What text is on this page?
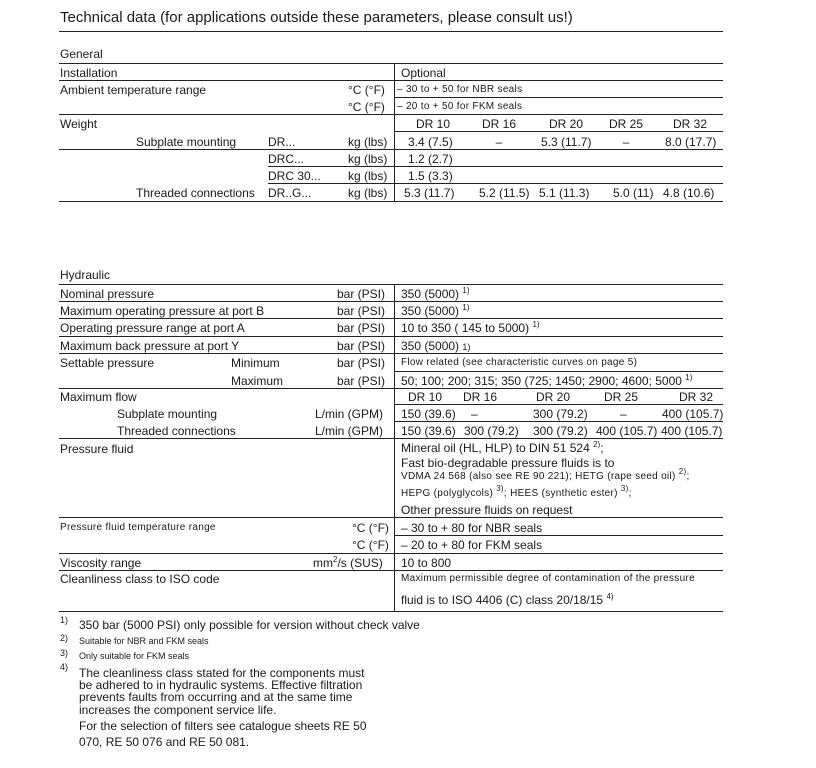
Technical data (for applications outside these parameters, please consult us!)
General
Installation	Optional
Ambient temperature range	°C (°F) – 30 to + 50 for NBR seals
°C (°F) – 20 to + 50 for FKM seals
Weight	DR 10	DR 16	DR 20	DR 25	DR 32
Subplate mounting	DR...	kg (lbs) 3.4 (7.5)	–	5.3 (11.7)	–	8.0 (17.7)
DRC...	kg (lbs) 1.2 (2.7)
DRC 30... kg (lbs) 1.5 (3.3)
Threaded connections DR..G...	kg (lbs) 5.3 (11.7) 5.2 (11.5) 5.1 (11.3) 5.0 (11) 4.8 (10.6)
Hydraulic
Nominal pressure	bar (PSI) 350 (5000) $^{1)}$
Maximum operating pressure at port B	bar (PSI) 350 (5000) $^{1)}$
Operating pressure range at port A	bar (PSI) 10 to 350 ( 145 to 5000) $^{1)}$
Maximum back pressure at port Y	bar (PSI) 350 (5000) 1)
Settable pressure	Minimum	bar (PSI) Flow related (see characteristic curves on page 5)
Maximum	bar (PSI) 50; 100; 200; 315; 350 (725; 1450; 2900; 4600; 5000 $^{1)}$
Maximum flow	DR 10	DR 16	DR 20	DR 25	DR 32
Subplate mounting	L/min (GPM) 150 (39.6) –	300 (79.2)	–	400 (105.7)
Threaded connections	L/min (GPM) 150 (39.6) 300 (79.2) 300 (79.2) 400 (105.7) 400 (105.7)
Pressure fluid	Mineral oil (HL, HLP) to DIN 51 524 $^{2)}$;
Fast bio-degradable pressure fluids is to
VDMA 24 568 (also see RE 90 221); HETG (rape seed oil) $^{2)}$;
HEPG (polyglycols) $^{3)}$; HEES (synthetic ester) $^{3)}$;
Other pressure fluids on request
Pressure fluid temperature range	°C (°F) – 30 to + 80 for NBR seals
°C (°F) – 20 to + 80 for FKM seals
Viscosity range	$mm^2/s$ (SUS) 10 to 800
Cleanliness class to ISO code	Maximum permissible degree of contamination of the pressure
fluid is to ISO 4406 (C) class 20/18/15 $^{4)}$
1) 350 bar (5000 PSI) only possible for version without check valve
2) Suitable for NBR and FKM seals
3) Only suitable for FKM seals
4) The cleanliness class stated for the components must
be adhered to in hydraulic systems. Effective filtration
prevents faults from occurring and at the same time
increases the component service life.
For the selection of filters see catalogue sheets RE 50
070, RE 50 076 and RE 50 081.
